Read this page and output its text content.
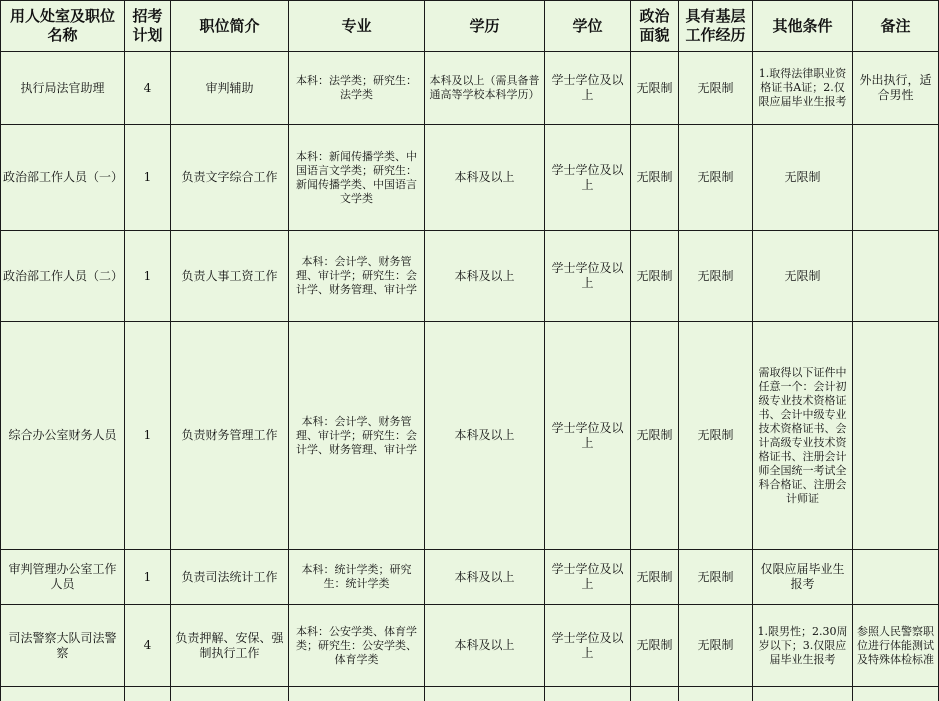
用人处室及职位名称	招考计划	职位简介	专业	学历	学位	政治面貌	具有基层工作经历	其他条件	备注
执行局法官助理	4	审判辅助	本科：法学类；研究生：法学类	本科及以上（需具备普通高等学校本科学历）	学士学位及以上	无限制	无限制	1.取得法律职业资格证书A证；2.仅限应届毕业生报考	外出执行，适合男性
政治部工作人员（一）	1	负责文字综合工作	本科：新闻传播学类、中国语言文学类；研究生：新闻传播学类、中国语言文学类	本科及以上	学士学位及以上	无限制	无限制	无限制	
政治部工作人员（二）	1	负责人事工资工作	本科：会计学、财务管理、审计学；研究生：会计学、财务管理、审计学	本科及以上	学士学位及以上	无限制	无限制	无限制	
综合办公室财务人员	1	负责财务管理工作	本科：会计学、财务管理、审计学；研究生：会计学、财务管理、审计学	本科及以上	学士学位及以上	无限制	无限制	需取得以下证件中任意一个：会计初级专业技术资格证书、会计中级专业技术资格证书、会计高级专业技术资格证书、注册会计师全国统一考试全科合格证、注册会计师证	
审判管理办公室工作人员	1	负责司法统计工作	本科：统计学类；研究生：统计学类	本科及以上	学士学位及以上	无限制	无限制	仅限应届毕业生报考	
司法警察大队司法警察	4	负责押解、安保、强制执行工作	本科：公安学类、体育学类；研究生：公安学类、体育学类	本科及以上	学士学位及以上	无限制	无限制	1.限男性；2.30周岁以下；3.仅限应届毕业生报考	参照人民警察职位进行体能测试及特殊体检标准
